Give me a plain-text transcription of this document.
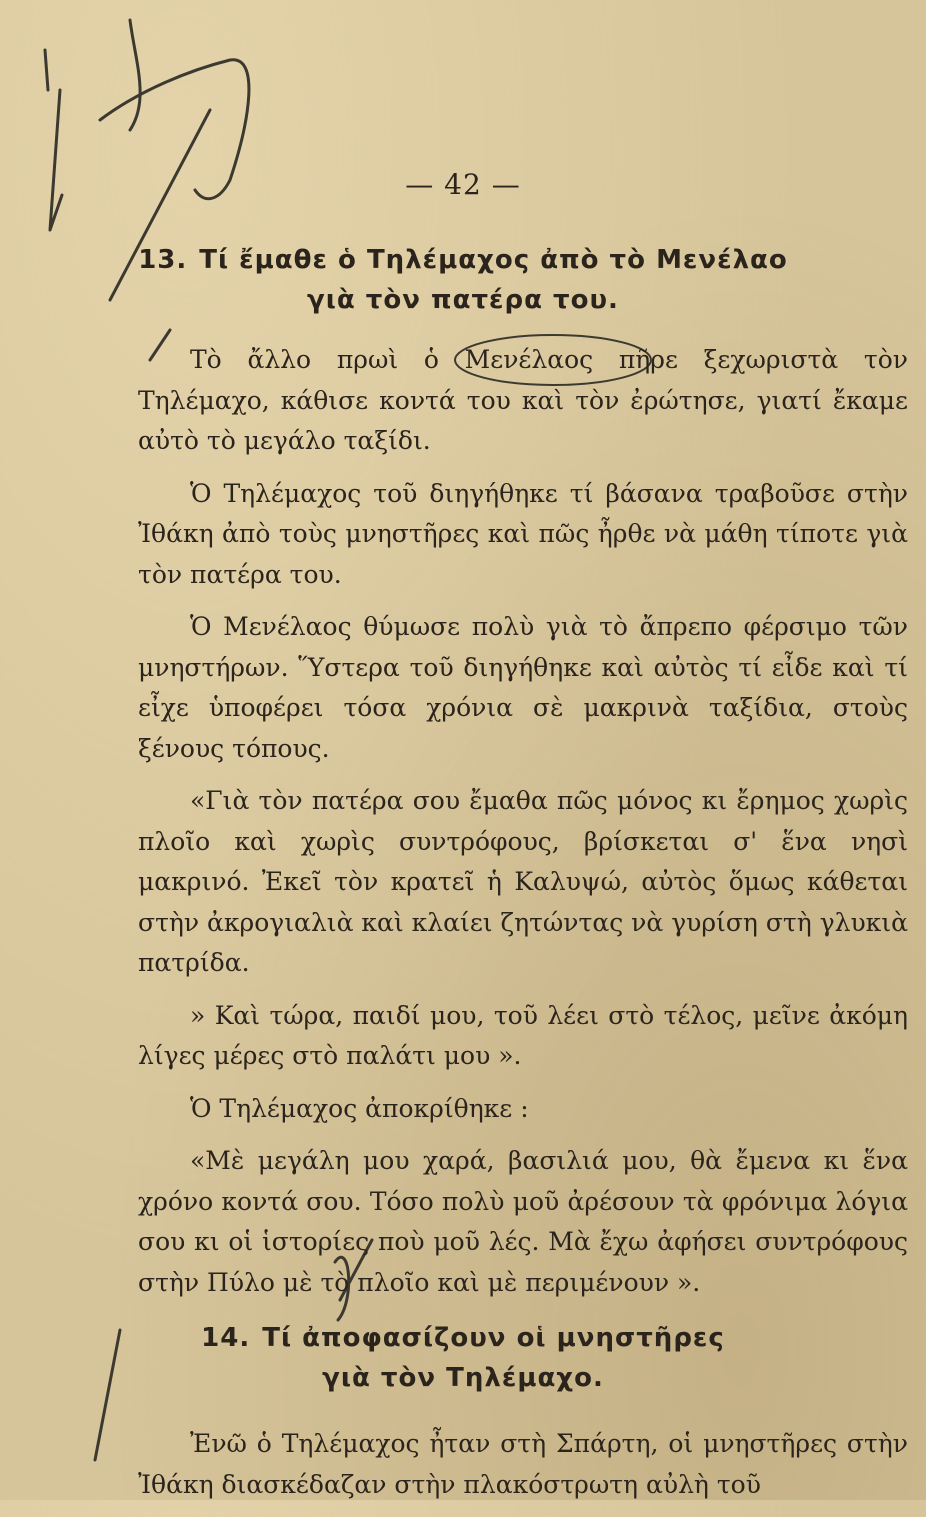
— 42 —
13. Τί ἔμαθε ὁ Τηλέμαχος ἀπὸ τὸ Μενέλαο
γιὰ τὸν πατέρα του.

Τὸ ἄλλο πρωὶ ὁ Μενέλαος πῆρε ξεχωριστὰ τὸν Τηλέμαχο, κάθισε κοντά του καὶ τὸν ἐρώτησε, γιατί ἔκαμε αὐτὸ τὸ μεγάλο ταξίδι.

Ὁ Τηλέμαχος τοῦ διηγήθηκε τί βάσανα τραβοῦσε στὴν Ἰθάκη ἀπὸ τοὺς μνηστῆρες καὶ πῶς ἦρθε νὰ μάθη τίποτε γιὰ τὸν πατέρα του.

Ὁ Μενέλαος θύμωσε πολὺ γιὰ τὸ ἄπρεπο φέρσιμο τῶν μνηστήρων. Ὕστερα τοῦ διηγήθηκε καὶ αὐτὸς τί εἶδε καὶ τί εἶχε ὑποφέρει τόσα χρόνια σὲ μακρινὰ ταξίδια, στοὺς ξένους τόπους.

«Γιὰ τὸν πατέρα σου ἔμαθα πῶς μόνος κι ἔρημος χωρὶς πλοῖο καὶ χωρὶς συντρόφους, βρίσκεται σ' ἕνα νησὶ μακρινό. Ἐκεῖ τὸν κρατεῖ ἡ Καλυψώ, αὐτὸς ὅμως κάθεται στὴν ἀκρογιαλιὰ καὶ κλαίει ζητώντας νὰ γυρίση στὴ γλυκιὰ πατρίδα.

» Καὶ τώρα, παιδί μου, τοῦ λέει στὸ τέλος, μεῖνε ἀκόμη λίγες μέρες στὸ παλάτι μου ».

Ὁ Τηλέμαχος ἀποκρίθηκε :

«Μὲ μεγάλη μου χαρά, βασιλιά μου, θὰ ἔμενα κι ἕνα χρόνο κοντά σου. Τόσο πολὺ μοῦ ἀρέσουν τὰ φρόνιμα λόγια σου κι οἱ ἱστορίες ποὺ μοῦ λές. Μὰ ἔχω ἀφήσει συντρόφους στὴν Πύλο μὲ τὸ πλοῖο καὶ μὲ περιμένουν ».

14. Τί ἀποφασίζουν οἱ μνηστῆρες
γιὰ τὸν Τηλέμαχο.

Ἐνῶ ὁ Τηλέμαχος ἦταν στὴ Σπάρτη, οἱ μνηστῆρες στὴν Ἰθάκη διασκέδαζαν στὴν πλακόστρωτη αὐλὴ τοῦ
